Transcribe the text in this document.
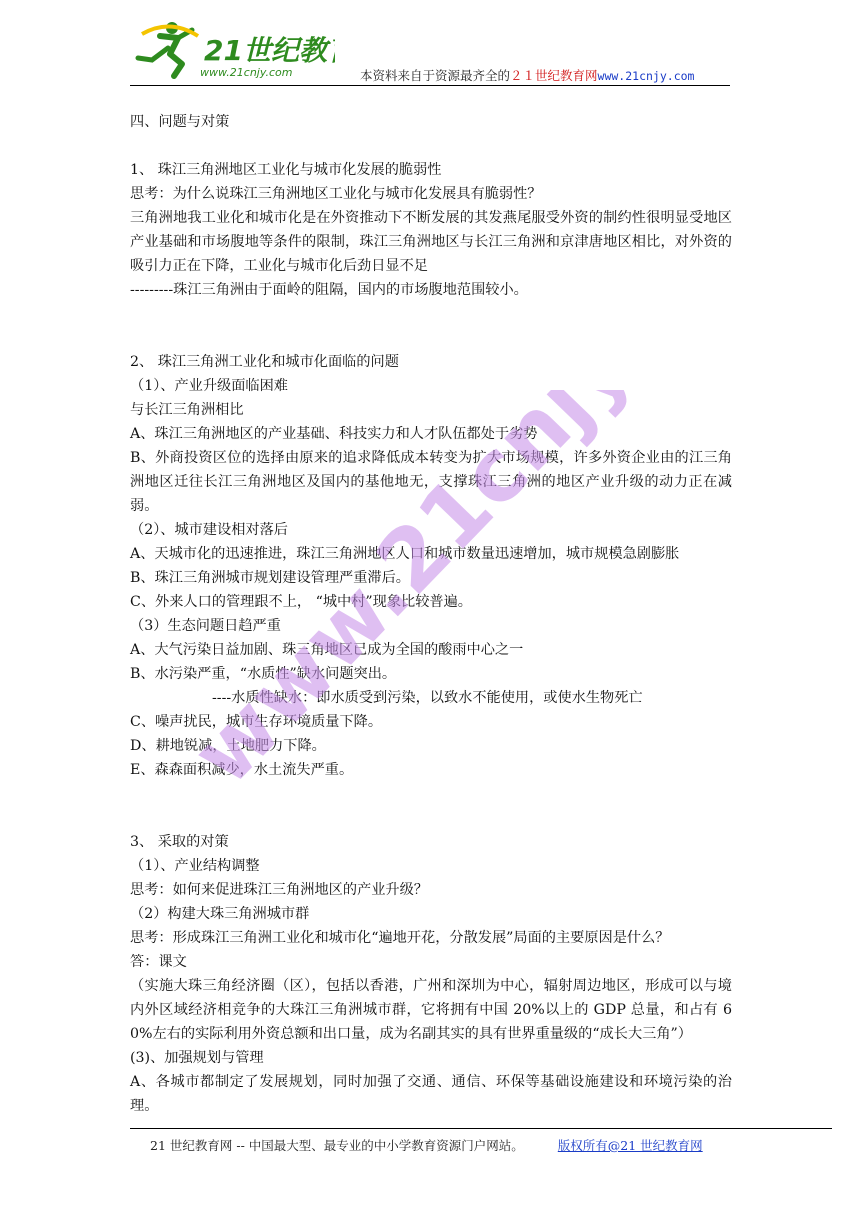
21世纪教
www.21cnjy.com	本资料来自于资源最齐全的２１世纪教育网www.21cnjy.com
四、问题与对策
1、 珠江三角洲地区工业化与城市化发展的脆弱性
思考：为什么说珠江三角洲地区工业化与城市化发展具有脆弱性？
三角洲地我工业化和城市化是在外资推动下不断发展的其发燕尾服受外资的制约性很明显受地区产业基础和市场腹地等条件的限制，珠江三角洲地区与长江三角洲和京津唐地区相比，对外资的吸引力正在下降，工业化与城市化后劲日显不足
---------珠江三角洲由于面岭的阻隔，国内的市场腹地范围较小。
2、 珠江三角洲工业化和城市化面临的问题
（1）、产业升级面临困难
与长江三角洲相比
A、珠江三角洲地区的产业基础、科技实力和人才队伍都处于劣势
B、外商投资区位的选择由原来的追求降低成本转变为扩大市场规模，许多外资企业由的江三角洲地区迁往长江三角洲地区及国内的基他地无，支撑珠江三角洲的地区产业升级的动力正在减弱。
（2）、城市建设相对落后
A、天城市化的迅速推进，珠江三角洲地区人口和城市数量迅速增加，城市规模急剧膨胀
B、珠江三角洲城市规划建设管理严重滞后。
C、外来人口的管理跟不上， “城中村”现象比较普遍。
（3）生态问题日趋严重
A、大气污染日益加剧、珠三角地区已成为全国的酸雨中心之一
B、水污染严重，“水质性”缺水问题突出。
----水质性缺水：即水质受到污染，以致水不能使用，或使水生物死亡
C、噪声扰民，城市生存环境质量下降。
D、耕地锐减，土地肥力下降。
E、森森面积减少，水土流失严重。
3、 采取的对策
（1）、产业结构调整
思考：如何来促进珠江三角洲地区的产业升级？
（2）构建大珠三角洲城市群
思考：形成珠江三角洲工业化和城市化“遍地开花，分散发展”局面的主要原因是什么？
答：课文
（实施大珠三角经济圈（区），包括以香港，广州和深圳为中心，辐射周边地区，形成可以与境内外区域经济相竞争的大珠江三角洲城市群，它将拥有中国 20%以上的 GDP 总量，和占有 60%左右的实际利用外资总额和出口量，成为名副其实的具有世界重量级的“成长大三角”）
(3)、加强规划与管理
A、各城市都制定了发展规划，同时加强了交通、通信、环保等基础设施建设和环境污染的治理。
www.21cnjy.com
21 世纪教育网 -- 中国最大型、最专业的中小学教育资源门户网站。	版权所有@21 世纪教育网
